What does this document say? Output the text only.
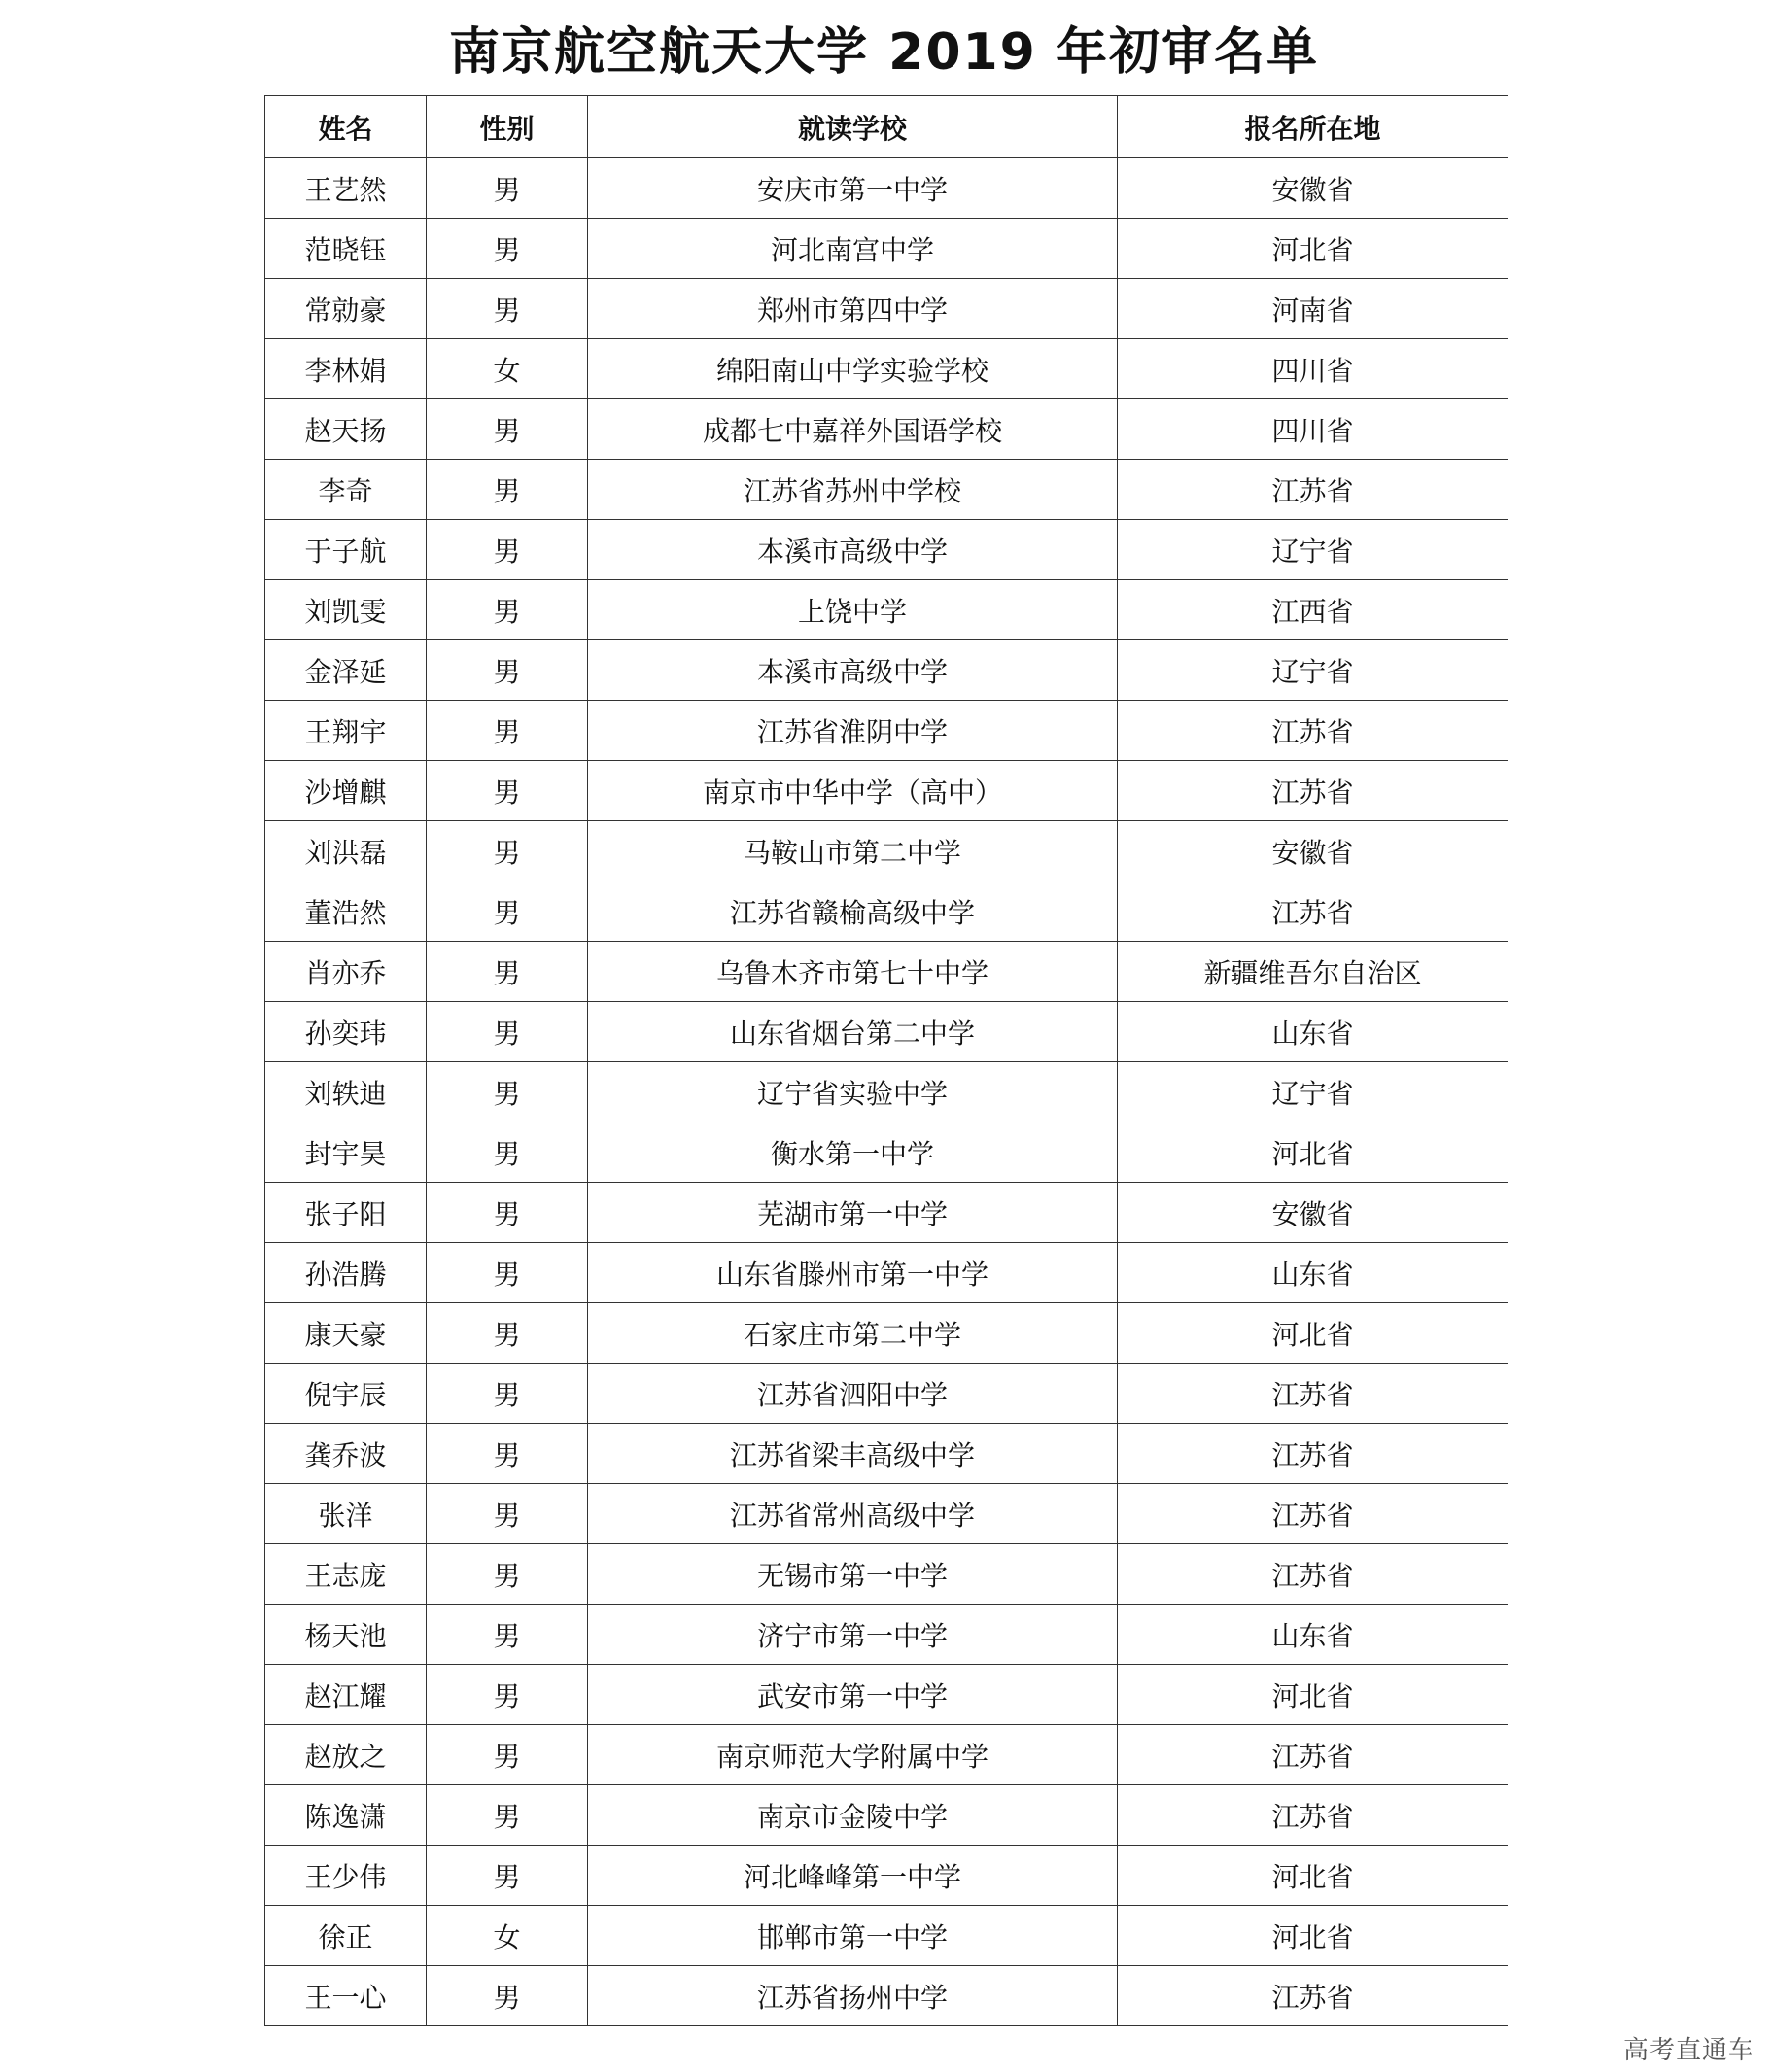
南京航空航天大学 2019 年初审名单
姓名	性别	就读学校	报名所在地
王艺然	男	安庆市第一中学	安徽省
范晓钰	男	河北南宫中学	河北省
常勍豪	男	郑州市第四中学	河南省
李林娟	女	绵阳南山中学实验学校	四川省
赵天扬	男	成都七中嘉祥外国语学校	四川省
李奇	男	江苏省苏州中学校	江苏省
于子航	男	本溪市高级中学	辽宁省
刘凯雯	男	上饶中学	江西省
金泽延	男	本溪市高级中学	辽宁省
王翔宇	男	江苏省淮阴中学	江苏省
沙增麒	男	南京市中华中学（高中）	江苏省
刘洪磊	男	马鞍山市第二中学	安徽省
董浩然	男	江苏省赣榆高级中学	江苏省
肖亦乔	男	乌鲁木齐市第七十中学	新疆维吾尔自治区
孙奕玮	男	山东省烟台第二中学	山东省
刘轶迪	男	辽宁省实验中学	辽宁省
封宇昊	男	衡水第一中学	河北省
张子阳	男	芜湖市第一中学	安徽省
孙浩腾	男	山东省滕州市第一中学	山东省
康天豪	男	石家庄市第二中学	河北省
倪宇辰	男	江苏省泗阳中学	江苏省
龚乔波	男	江苏省梁丰高级中学	江苏省
张洋	男	江苏省常州高级中学	江苏省
王志庞	男	无锡市第一中学	江苏省
杨天池	男	济宁市第一中学	山东省
赵江耀	男	武安市第一中学	河北省
赵放之	男	南京师范大学附属中学	江苏省
陈逸潇	男	南京市金陵中学	江苏省
王少伟	男	河北峰峰第一中学	河北省
徐正	女	邯郸市第一中学	河北省
王一心	男	江苏省扬州中学	江苏省
高考直通车
